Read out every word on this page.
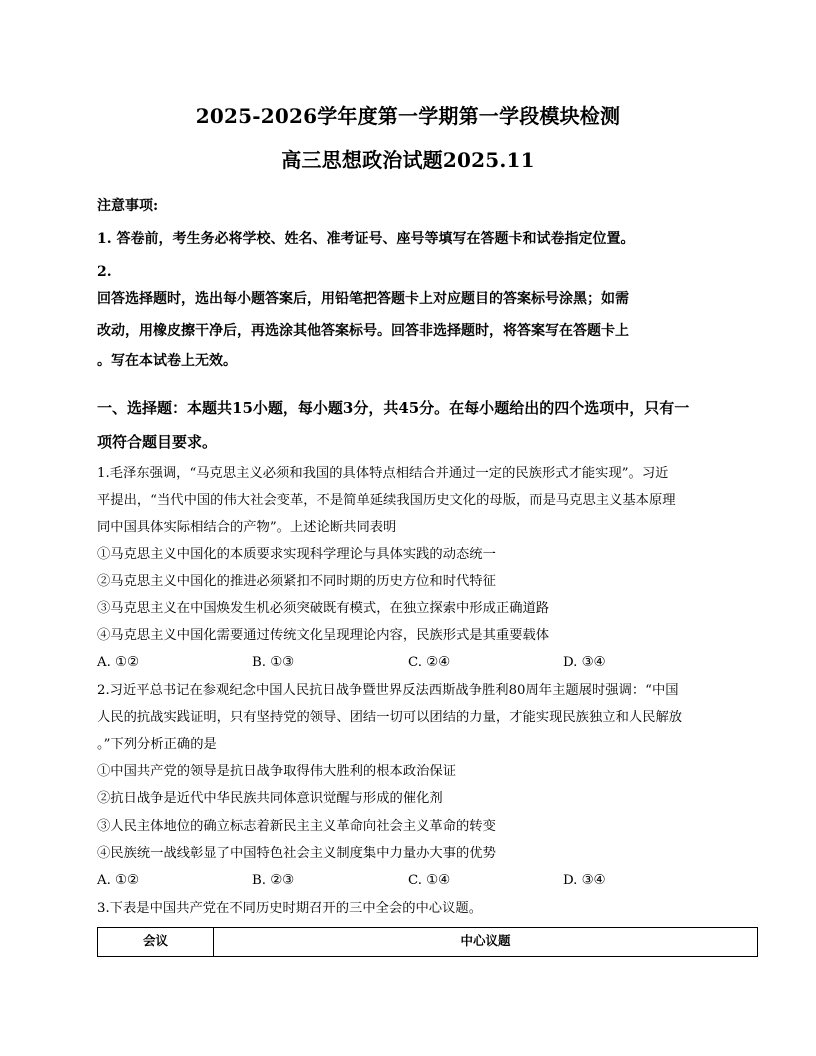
2025-2026学年度第一学期第一学段模块检测
高三思想政治试题2025.11
注意事项:
1. 答卷前，考生务必将学校、姓名、准考证号、座号等填写在答题卡和试卷指定位置。
2.
回答选择题时，选出每小题答案后，用铅笔把答题卡上对应题目的答案标号涂黑；如需
改动，用橡皮擦干净后，再选涂其他答案标号。回答非选择题时，将答案写在答题卡上
。写在本试卷上无效。
一、选择题：本题共15小题，每小题3分，共45分。在每小题给出的四个选项中，只有一
项符合题目要求。
1.毛泽东强调，“马克思主义必须和我国的具体特点相结合并通过一定的民族形式才能实现”。习近
平提出，“当代中国的伟大社会变革，不是简单延续我国历史文化的母版，而是马克思主义基本原理
同中国具体实际相结合的产物”。上述论断共同表明
①马克思主义中国化的本质要求实现科学理论与具体实践的动态统一
②马克思主义中国化的推进必须紧扣不同时期的历史方位和时代特征
③马克思主义在中国焕发生机必须突破既有模式，在独立探索中形成正确道路
④马克思主义中国化需要通过传统文化呈现理论内容，民族形式是其重要载体
A. ①②	B. ①③	C. ②④	D. ③④
2.习近平总书记在参观纪念中国人民抗日战争暨世界反法西斯战争胜利80周年主题展时强调：“中国
人民的抗战实践证明，只有坚持党的领导、团结一切可以团结的力量，才能实现民族独立和人民解放
。”下列分析正确的是
①中国共产党的领导是抗日战争取得伟大胜利的根本政治保证
②抗日战争是近代中华民族共同体意识觉醒与形成的催化剂
③人民主体地位的确立标志着新民主主义革命向社会主义革命的转变
④民族统一战线彰显了中国特色社会主义制度集中力量办大事的优势
A. ①②	B. ②③	C. ①④	D. ③④
3.下表是中国共产党在不同历史时期召开的三中全会的中心议题。
会议	中心议题
